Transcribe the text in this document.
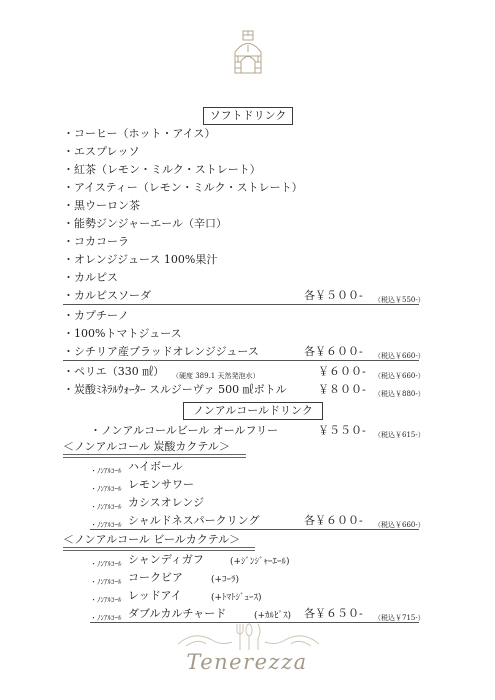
ソフトドリンク
・コーヒー（ホット・アイス）
・エスプレッソ
・紅茶（レモン・ミルク・ストレート）
・アイスティー（レモン・ミルク・ストレート）
・黒ウーロン茶
・能勢ジンジャーエール（辛口）
・コカコーラ
・オレンジジュース 100%果汁
・カルピス
・カルピスソーダ	各￥５００- （税込￥550-）
・カプチーノ
・100%トマトジュース
・シチリア産ブラッドオレンジジュース	各￥６００- （税込￥660-）
・ペリエ（330 ㎖） （硬度 389.1 天然発泡水）	￥６００- （税込￥660-）
・炭酸ﾐﾈﾗﾙｳｫｰﾀｰ スルジーヴァ 500 ㎖ボトル	￥８００- （税込￥880-）
ノンアルコールドリンク
・ノンアルコールビール オールフリー	￥５５０- （税込￥615-）
＜ノンアルコール 炭酸カクテル＞
・ﾉﾝｱﾙｺｰﾙ ハイボール
・ﾉﾝｱﾙｺｰﾙ レモンサワー
・ﾉﾝｱﾙｺｰﾙ カシスオレンジ
・ﾉﾝｱﾙｺｰﾙ シャルドネスパークリング	各￥６００- （税込￥660-）
＜ノンアルコール ビールカクテル＞
・ﾉﾝｱﾙｺｰﾙ シャンディガフ	(+ｼﾞﾝｼﾞｬｰｴｰﾙ)
・ﾉﾝｱﾙｺｰﾙ コークビア	(+ｺｰﾗ)
・ﾉﾝｱﾙｺｰﾙ レッドアイ	(+ﾄﾏﾄｼﾞｭｰｽ)
・ﾉﾝｱﾙｺｰﾙ ダブルカルチャード	(+ｶﾙﾋﾟｽ) 各￥６５０- （税込￥715-）
Tenerezza
